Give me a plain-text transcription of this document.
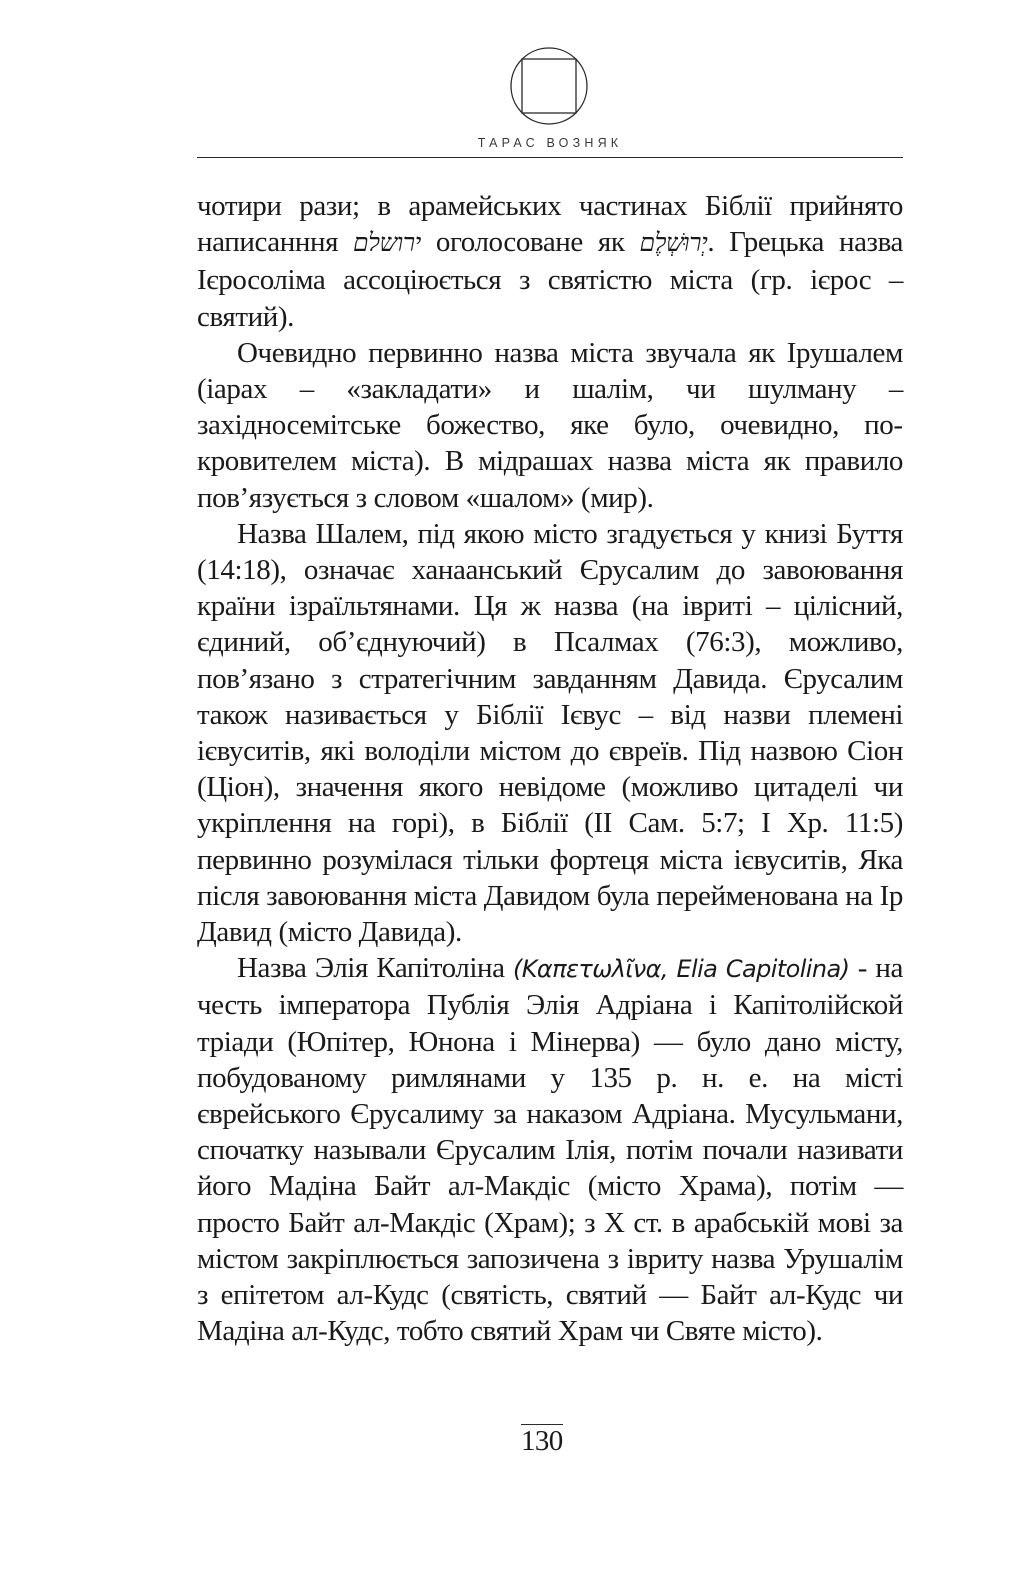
ТАРАС ВОЗНЯК

чотири рази; в арамейських частинах Біблії прийнято написанння ירושלם оголосоване як יְרוּשְׁלֶם. Грецька назва Ієросоліма ассоціюється з святістю міста (гр. ієрос – святий).

Очевидно первинно назва міста звучала як Ірушалем (іарах – «закладати» и шалім, чи шулману – західносемітське божество, яке було, очевидно, покровителем міста). В мідрашах назва міста як правило пов’язується з словом «шалом» (мир).

Назва Шалем, під якою місто згадується у книзі Буття (14:18), означає ханаанський Єрусалим до завоювання країни ізраїльтянами. Ця ж назва (на івриті – цілісний, єдиний, об’єднуючий) в Псалмах (76:3), можливо, пов’язано з стратегічним завданням Давида. Єрусалим також називається у Біблії Ієвус – від назви племені ієвуситів, які володіли містом до євреїв. Під назвою Сіон (Ціон), значення якого невідоме (можливо цитаделі чи укріплення на горі), в Біблії (II Сам. 5:7; I Хр. 11:5) первинно розумілася тільки фортеця міста ієвуситів, Яка після завоювання міста Давидом була перейменована на Ір Давид (місто Давида).

Назва Элія Капітоліна (Καπετωλῖνα, Elia Capitolina) - на честь імператора Публія Элія Адріана і Капітолійской тріади (Юпітер, Юнона і Мінерва) — було дано місту, побудованому римлянами у 135 р. н. е. на місті єврейського Єрусалиму за наказом Адріана. Мусульмани, спочатку называли Єрусалим Ілія, потім почали називати його Мадіна Байт ал-Макдіс (місто Храма), потім — просто Байт ал-Макдіс (Храм); з X ст. в арабській мові за містом закріплюється запозичена з івриту назва Урушалім з епітетом ал-Кудс (святість, святий — Байт ал-Кудс чи Мадіна ал-Кудс, тобто святий Храм чи Святе місто).

130
